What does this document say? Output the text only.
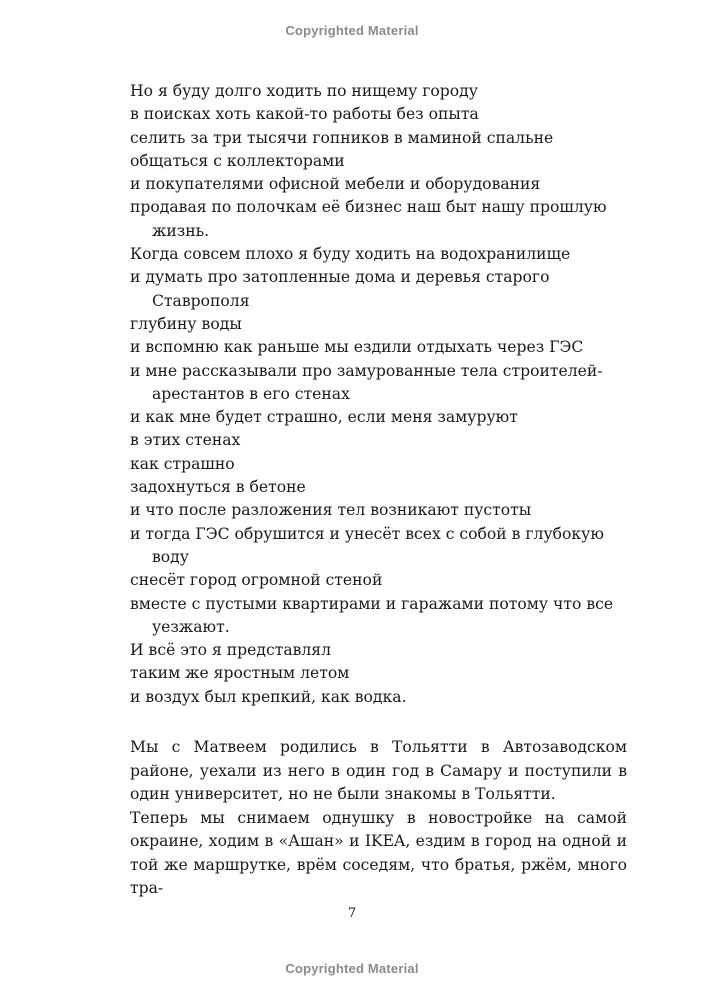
Copyrighted Material

Но я буду долго ходить по нищему городу

в поисках хоть какой-то работы без опыта

селить за три тысячи гопников в маминой спальне

общаться с коллекторами

и покупателями офисной мебели и оборудования

продавая по полочкам её бизнес наш быт нашу прошлую жизнь.

Когда совсем плохо я буду ходить на водохранилище

и думать про затопленные дома и деревья старого Ставрополя

глубину воды

и вспомню как раньше мы ездили отдыхать через ГЭС

и мне рассказывали про замурованные тела строителей-арестантов в его стенах

и как мне будет страшно, если меня замуруют

в этих стенах

как страшно

задохнуться в бетоне

и что после разложения тел возникают пустоты

и тогда ГЭС обрушится и унесёт всех с собой в глубокую воду

снесёт город огромной стеной

вместе с пустыми квартирами и гаражами потому что все уезжают.

И всё это я представлял

таким же яростным летом

и воздух был крепкий, как водка.

Мы с Матвеем родились в Тольятти в Автозаводском районе, уехали из него в один год в Самару и поступили в один университет, но не были знакомы в Тольятти.

Теперь мы снимаем однушку в новостройке на самой окраине, ходим в «Ашан» и IKEA, ездим в город на одной и той же маршрутке, врём соседям, что братья, ржём, много тра-

7
Copyrighted Material
